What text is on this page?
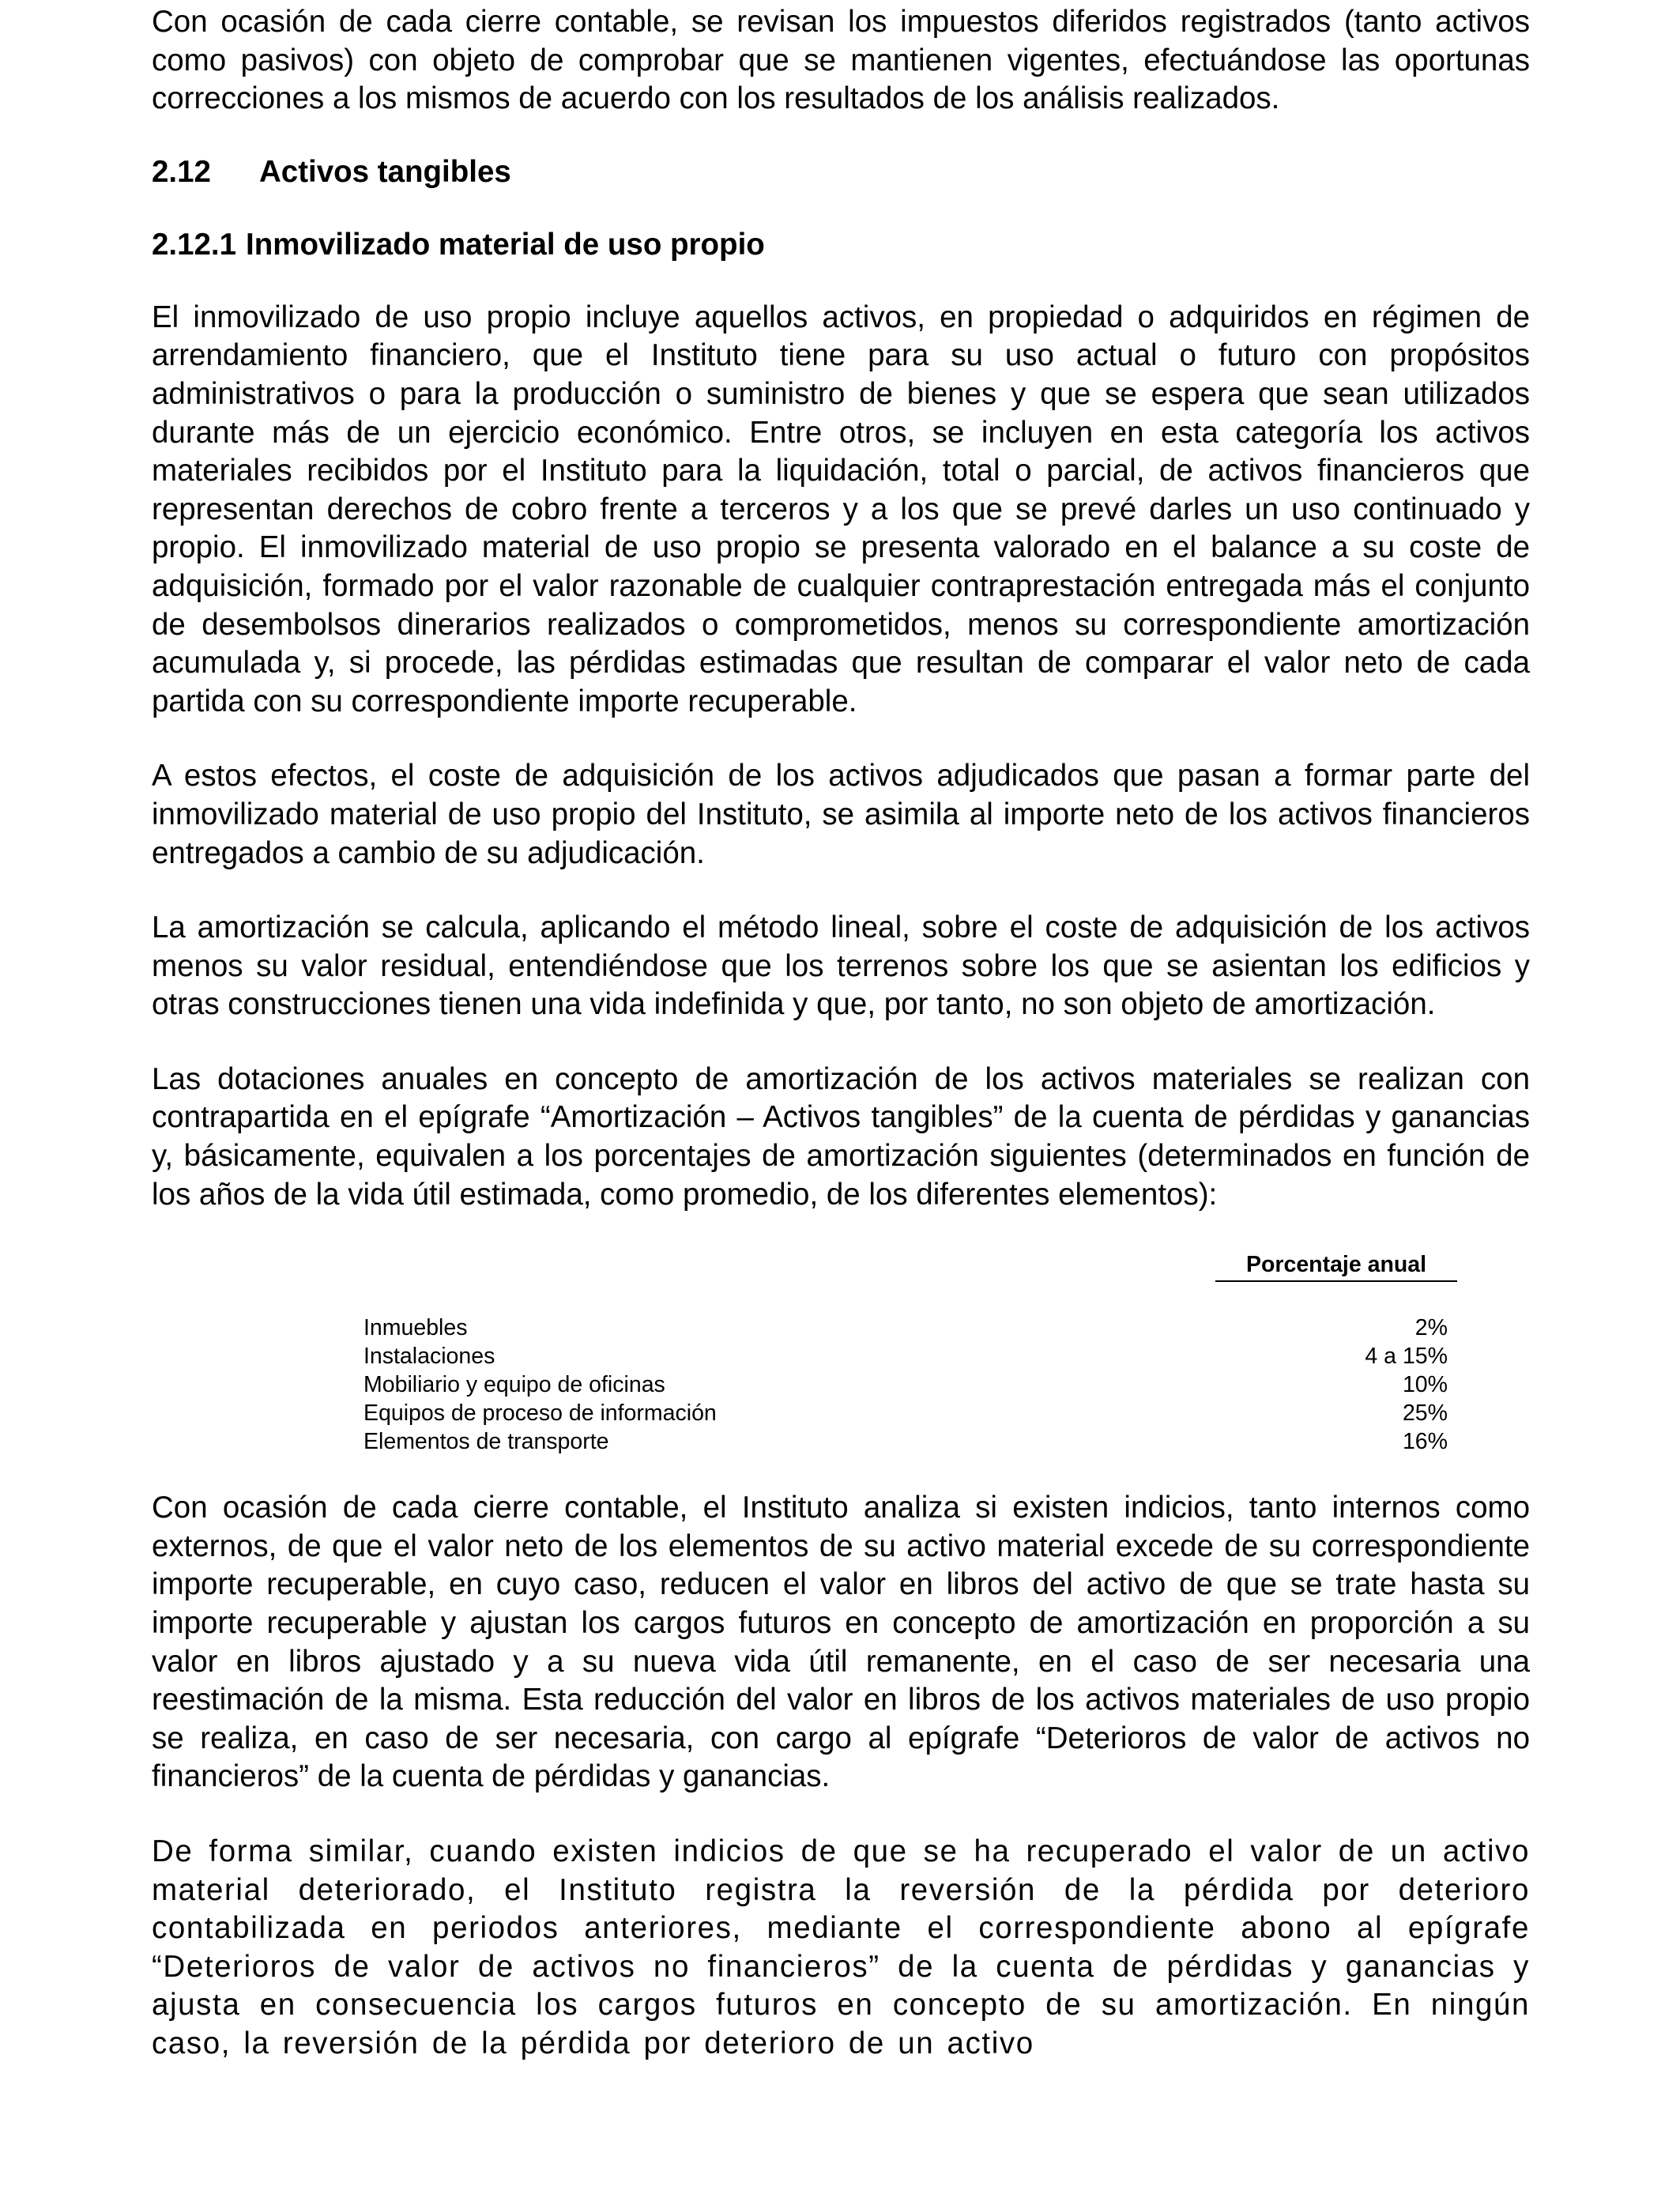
Con ocasión de cada cierre contable, se revisan los impuestos diferidos registrados (tanto activos como pasivos) con objeto de comprobar que se mantienen vigentes, efectuándose las oportunas correcciones a los mismos de acuerdo con los resultados de los análisis realizados.

2.12 Activos tangibles
2.12.1 Inmovilizado material de uso propio

El inmovilizado de uso propio incluye aquellos activos, en propiedad o adquiridos en régimen de arrendamiento financiero, que el Instituto tiene para su uso actual o futuro con propósitos administrativos o para la producción o suministro de bienes y que se espera que sean utilizados durante más de un ejercicio económico. Entre otros, se incluyen en esta categoría los activos materiales recibidos por el Instituto para la liquidación, total o parcial, de activos financieros que representan derechos de cobro frente a terceros y a los que se prevé darles un uso continuado y propio. El inmovilizado material de uso propio se presenta valorado en el balance a su coste de adquisición, formado por el valor razonable de cualquier contraprestación entregada más el conjunto de desembolsos dinerarios realizados o comprometidos, menos su correspondiente amortización acumulada y, si procede, las pérdidas estimadas que resultan de comparar el valor neto de cada partida con su correspondiente importe recuperable.

A estos efectos, el coste de adquisición de los activos adjudicados que pasan a formar parte del inmovilizado material de uso propio del Instituto, se asimila al importe neto de los activos financieros entregados a cambio de su adjudicación.

La amortización se calcula, aplicando el método lineal, sobre el coste de adquisición de los activos menos su valor residual, entendiéndose que los terrenos sobre los que se asientan los edificios y otras construcciones tienen una vida indefinida y que, por tanto, no son objeto de amortización.

Las dotaciones anuales en concepto de amortización de los activos materiales se realizan con contrapartida en el epígrafe “Amortización – Activos tangibles” de la cuenta de pérdidas y ganancias y, básicamente, equivalen a los porcentajes de amortización siguientes (determinados en función de los años de la vida útil estimada, como promedio, de los diferentes elementos):

Porcentaje anual
Inmuebles	2%
Instalaciones	4 a 15%
Mobiliario y equipo de oficinas	10%
Equipos de proceso de información	25%
Elementos de transporte	16%

Con ocasión de cada cierre contable, el Instituto analiza si existen indicios, tanto internos como externos, de que el valor neto de los elementos de su activo material excede de su correspondiente importe recuperable, en cuyo caso, reducen el valor en libros del activo de que se trate hasta su importe recuperable y ajustan los cargos futuros en concepto de amortización en proporción a su valor en libros ajustado y a su nueva vida útil remanente, en el caso de ser necesaria una reestimación de la misma. Esta reducción del valor en libros de los activos materiales de uso propio se realiza, en caso de ser necesaria, con cargo al epígrafe “Deterioros de valor de activos no financieros” de la cuenta de pérdidas y ganancias.

De forma similar, cuando existen indicios de que se ha recuperado el valor de un activo material deteriorado, el Instituto registra la reversión de la pérdida por deterioro contabilizada en periodos anteriores, mediante el correspondiente abono al epígrafe “Deterioros de valor de activos no financieros” de la cuenta de pérdidas y ganancias y ajusta en consecuencia los cargos futuros en concepto de su amortización. En ningún caso, la reversión de la pérdida por deterioro de un activo
